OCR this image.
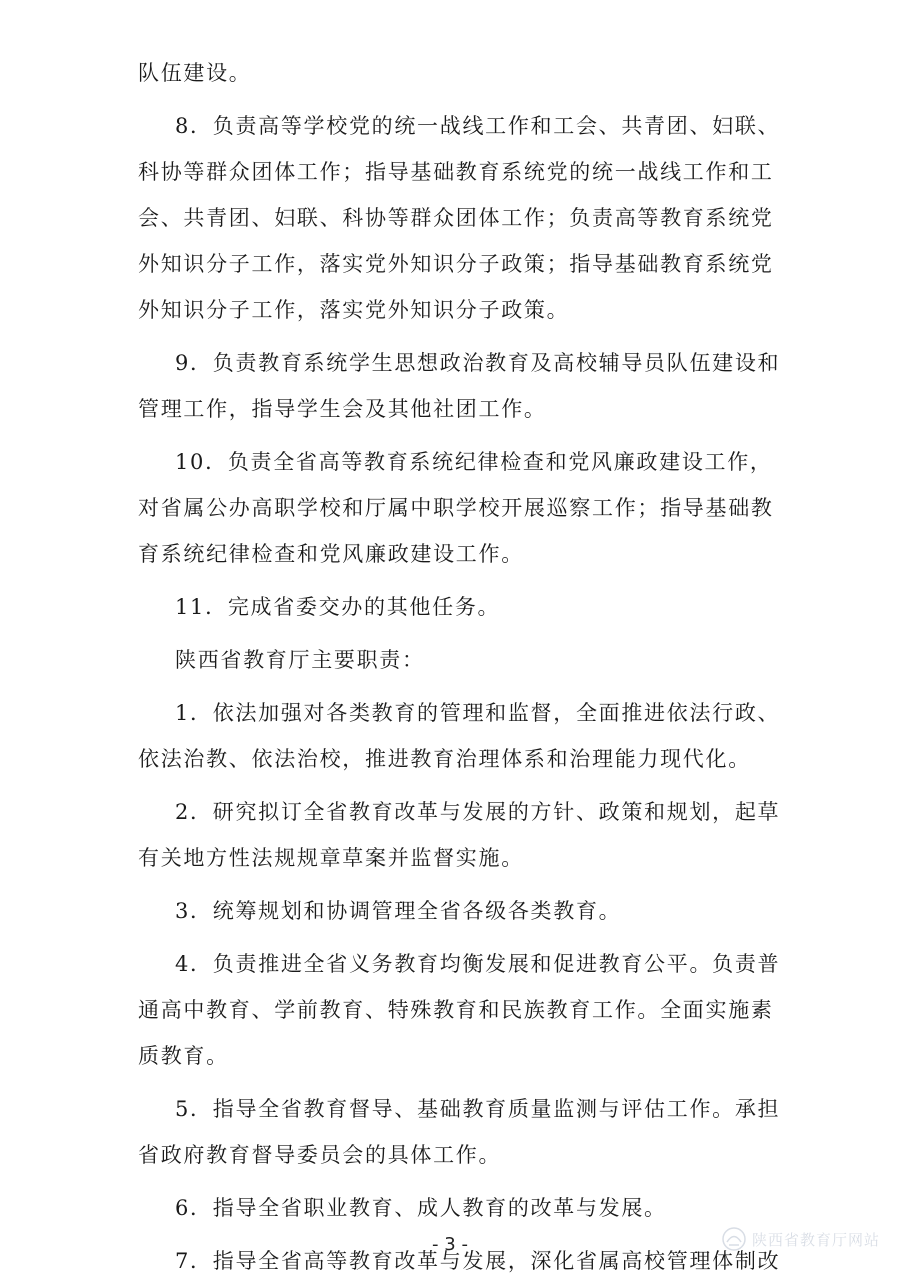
队伍建设。
8．负责高等学校党的统一战线工作和工会、共青团、妇联、
科协等群众团体工作；指导基础教育系统党的统一战线工作和工
会、共青团、妇联、科协等群众团体工作；负责高等教育系统党
外知识分子工作，落实党外知识分子政策；指导基础教育系统党
外知识分子工作，落实党外知识分子政策。
9．负责教育系统学生思想政治教育及高校辅导员队伍建设和
管理工作，指导学生会及其他社团工作。
10．负责全省高等教育系统纪律检查和党风廉政建设工作，
对省属公办高职学校和厅属中职学校开展巡察工作；指导基础教
育系统纪律检查和党风廉政建设工作。
11．完成省委交办的其他任务。
陕西省教育厅主要职责：
1．依法加强对各类教育的管理和监督，全面推进依法行政、
依法治教、依法治校，推进教育治理体系和治理能力现代化。
2．研究拟订全省教育改革与发展的方针、政策和规划，起草
有关地方性法规规章草案并监督实施。
3．统筹规划和协调管理全省各级各类教育。
4．负责推进全省义务教育均衡发展和促进教育公平。负责普
通高中教育、学前教育、特殊教育和民族教育工作。全面实施素
质教育。
5．指导全省教育督导、基础教育质量监测与评估工作。承担
省政府教育督导委员会的具体工作。
6．指导全省职业教育、成人教育的改革与发展。
7．指导全省高等教育改革与发展，深化省属高校管理体制改
- 3 -	陕西省教育厅网站
